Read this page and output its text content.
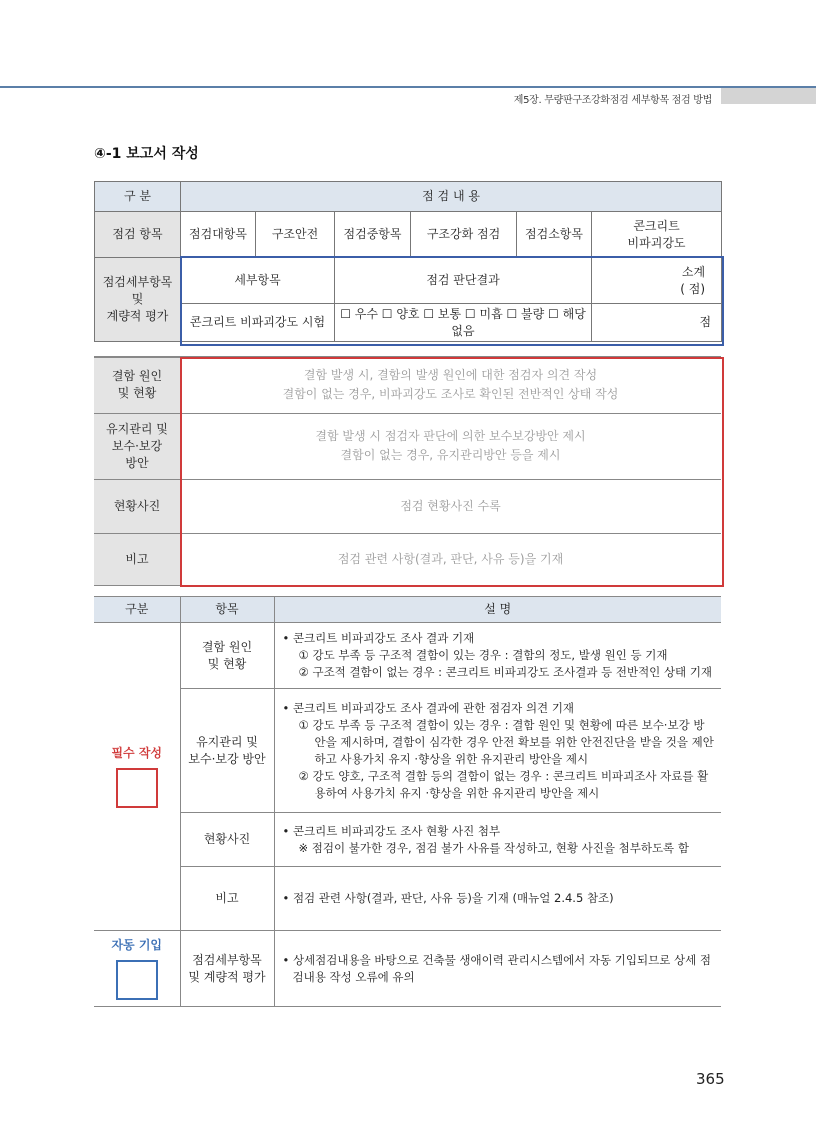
제5장. 무량판구조강화점검 세부항목 점검 방법
④-1 보고서 작성
구 분	점 검 내 용					
점검 항목	점검대항목	구조안전	점검중항목	구조강화 점검	점검소항목	콘크리트
비파괴강도

점검세부항목
및
계량적 평가	세부항목		점검 판단결과			소계
( 점)

	콘크리트 비파괴강도 시험		☐ 우수 ☐ 양호 ☐ 보통 ☐ 미흡 ☐ 불량 ☐ 해당없음			점
결함 원인
및 현황	결함 발생 시, 결함의 발생 원인에 대한 점검자 의견 작성
결함이 없는 경우, 비파괴강도 조사로 확인된 전반적인 상태 작성

유지관리 및
보수·보강
방안	결함 발생 시 점검자 판단에 의한 보수보강방안 제시
결함이 없는 경우, 유지관리방안 등을 제시

현황사진	점검 현황사진 수록
비고	점검 관련 사항(결과, 판단, 사유 등)을 기재
구분	항목	설 명
필수 작성	결함 원인
및 현황	• 콘크리트 비파괴강도 조사 결과 기재
① 강도 부족 등 구조적 결함이 있는 경우 : 결함의 정도, 발생 원인 등 기재
② 구조적 결함이 없는 경우 : 콘크리트 비파괴강도 조사결과 등 전반적인 상태 기재

	유지관리 및
보수·보강 방안	• 콘크리트 비파괴강도 조사 결과에 관한 점검자 의견 기재
① 강도 부족 등 구조적 결함이 있는 경우 : 결함 원인 및 현황에 따른 보수·보강 방안을 제시하며, 결함이 심각한 경우 안전 확보를 위한 안전진단을 받을 것을 제안하고 사용가치 유지 ·향상을 위한 유지관리 방안을 제시
② 강도 양호, 구조적 결함 등의 결함이 없는 경우 : 콘크리트 비파괴조사 자료를 활용하여 사용가치 유지 ·향상을 위한 유지관리 방안을 제시

	현황사진	• 콘크리트 비파괴강도 조사 현황 사진 첨부
※ 점검이 불가한 경우, 점검 불가 사유를 작성하고, 현황 사진을 첨부하도록 함

	비고	• 점검 관련 사항(결과, 판단, 사유 등)을 기재 (매뉴얼 2.4.5 참조)

자동 기입	점검세부항목
및 계량적 평가	• 상세점검내용을 바탕으로 건축물 생애이력 관리시스템에서 자동 기입되므로 상세 점검내용 작성 오류에 유의
365
